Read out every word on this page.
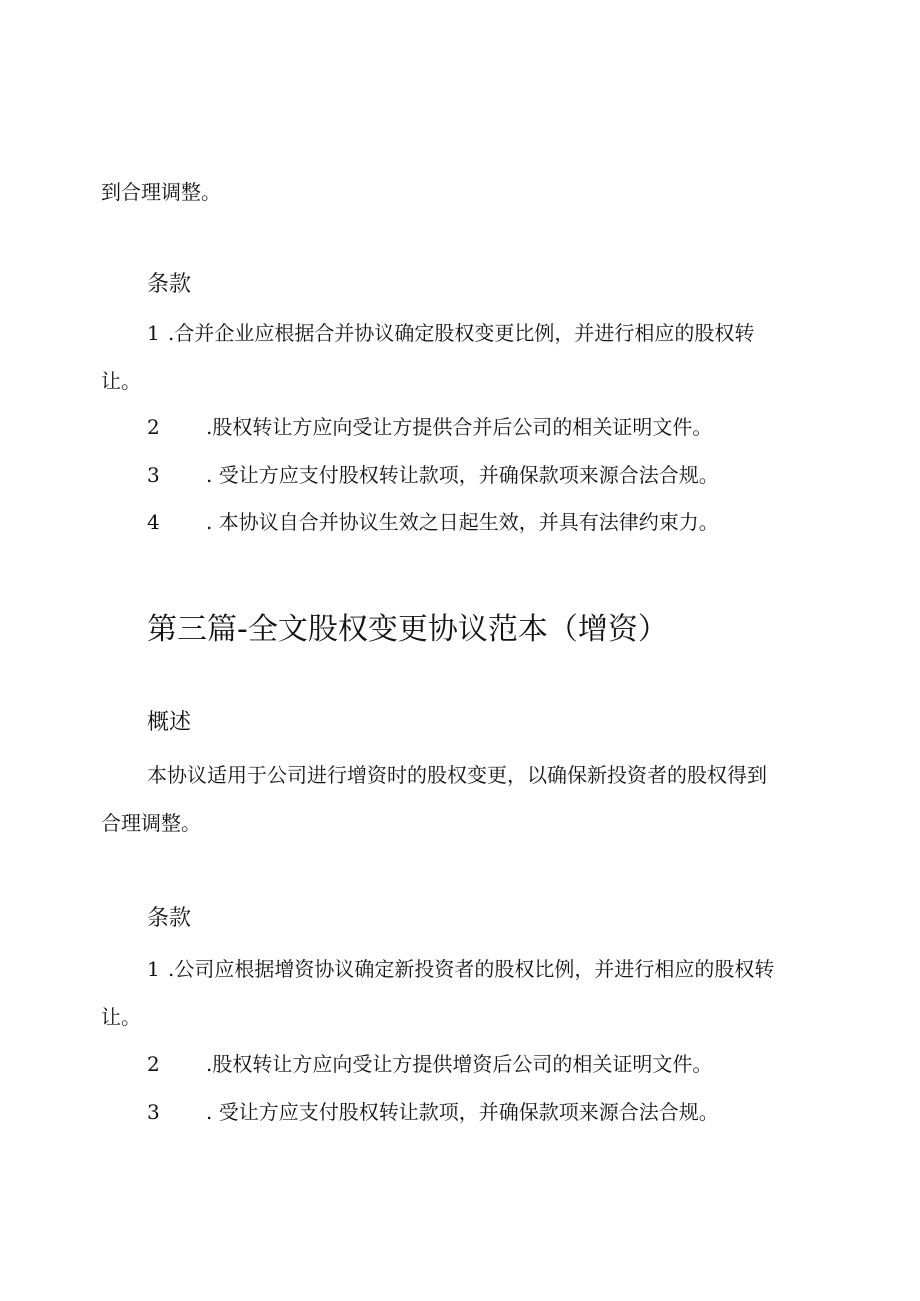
到合理调整。
条款
1 .合并企业应根据合并协议确定股权变更比例，并进行相应的股权转
让。
2 .股权转让方应向受让方提供合并后公司的相关证明文件。
3 . 受让方应支付股权转让款项，并确保款项来源合法合规。
4 . 本协议自合并协议生效之日起生效，并具有法律约束力。
第三篇-全文股权变更协议范本（增资）
概述
本协议适用于公司进行增资时的股权变更，以确保新投资者的股权得到
合理调整。
条款
1 .公司应根据增资协议确定新投资者的股权比例，并进行相应的股权转
让。
2 .股权转让方应向受让方提供增资后公司的相关证明文件。
3 . 受让方应支付股权转让款项，并确保款项来源合法合规。
